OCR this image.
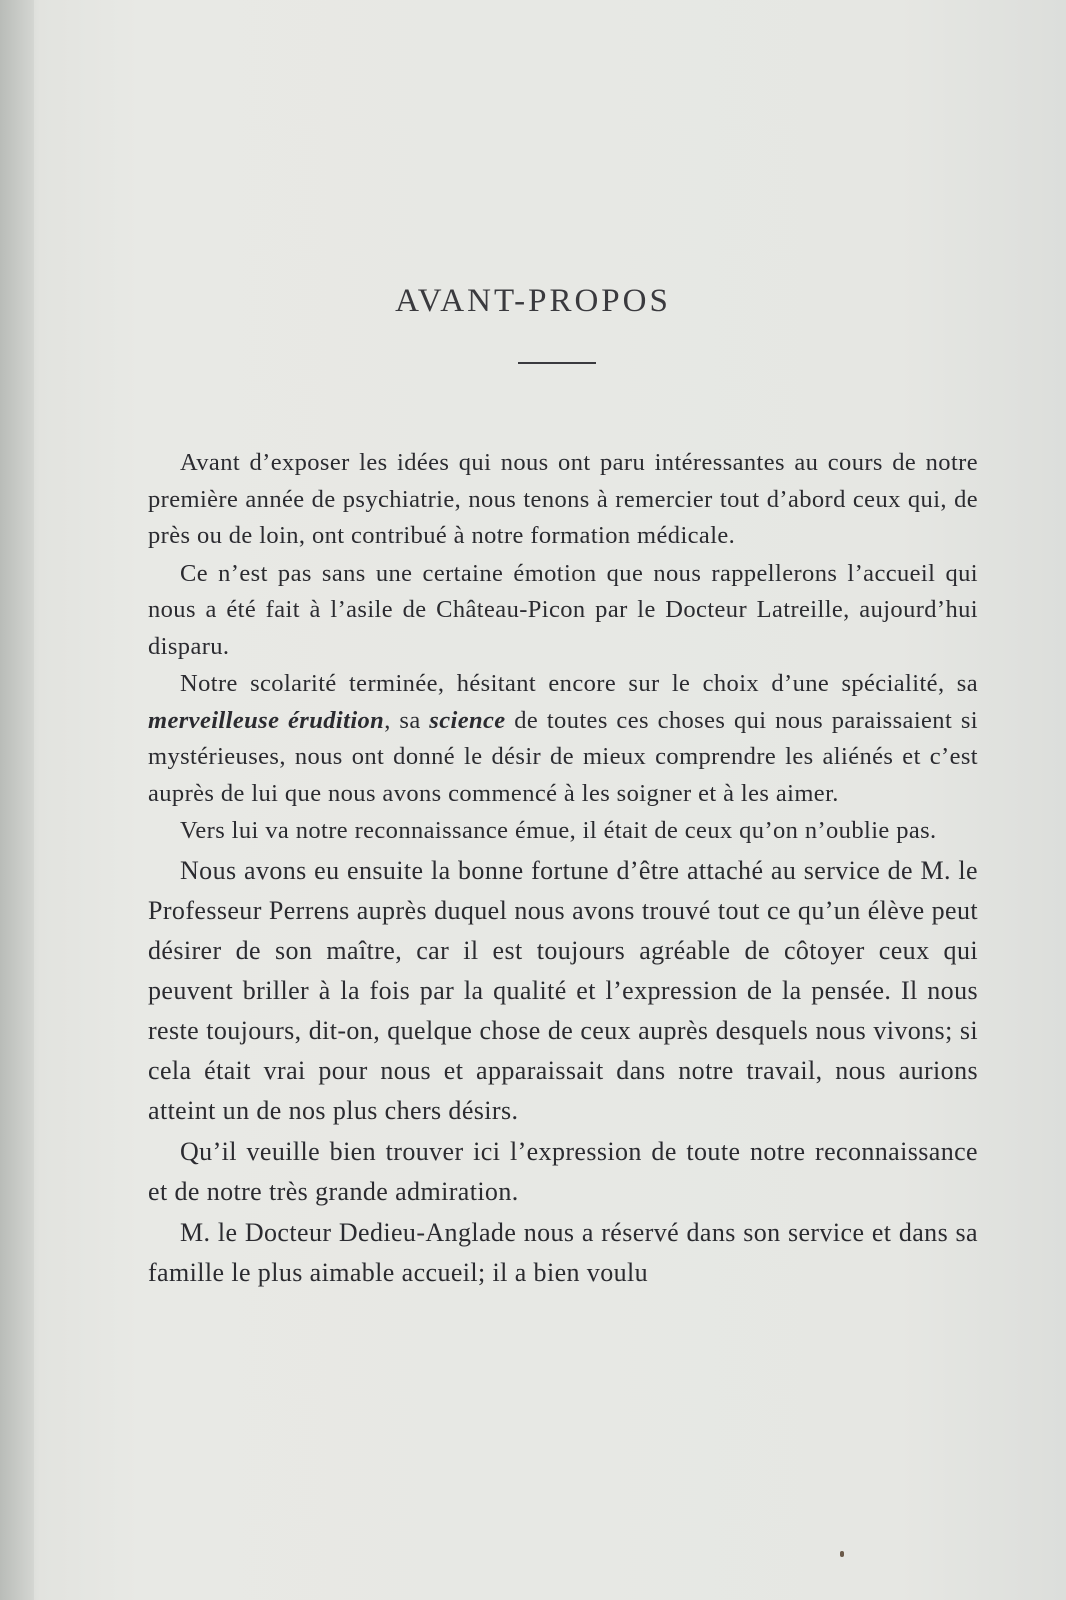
AVANT-PROPOS

Avant d’exposer les idées qui nous ont paru intéressantes au cours de notre première année de psychiatrie, nous tenons à remercier tout d’abord ceux qui, de près ou de loin, ont contribué à notre formation médicale.

Ce n’est pas sans une certaine émotion que nous rappellerons l’accueil qui nous a été fait à l’asile de Château-Picon par le Docteur Latreille, aujourd’hui disparu.

Notre scolarité terminée, hésitant encore sur le choix d’une spécialité, sa merveilleuse érudition, sa science de toutes ces choses qui nous paraissaient si mystérieuses, nous ont donné le désir de mieux comprendre les aliénés et c’est auprès de lui que nous avons commencé à les soigner et à les aimer.

Vers lui va notre reconnaissance émue, il était de ceux qu’on n’oublie pas.

Nous avons eu ensuite la bonne fortune d’être attaché au service de M. le Professeur Perrens auprès duquel nous avons trouvé tout ce qu’un élève peut désirer de son maître, car il est toujours agréable de côtoyer ceux qui peuvent briller à la fois par la qualité et l’expression de la pensée. Il nous reste toujours, dit-on, quelque chose de ceux auprès desquels nous vivons; si cela était vrai pour nous et apparaissait dans notre travail, nous aurions atteint un de nos plus chers désirs.

Qu’il veuille bien trouver ici l’expression de toute notre reconnaissance et de notre très grande admiration.

M. le Docteur Dedieu-Anglade nous a réservé dans son service et dans sa famille le plus aimable accueil; il a bien voulu
